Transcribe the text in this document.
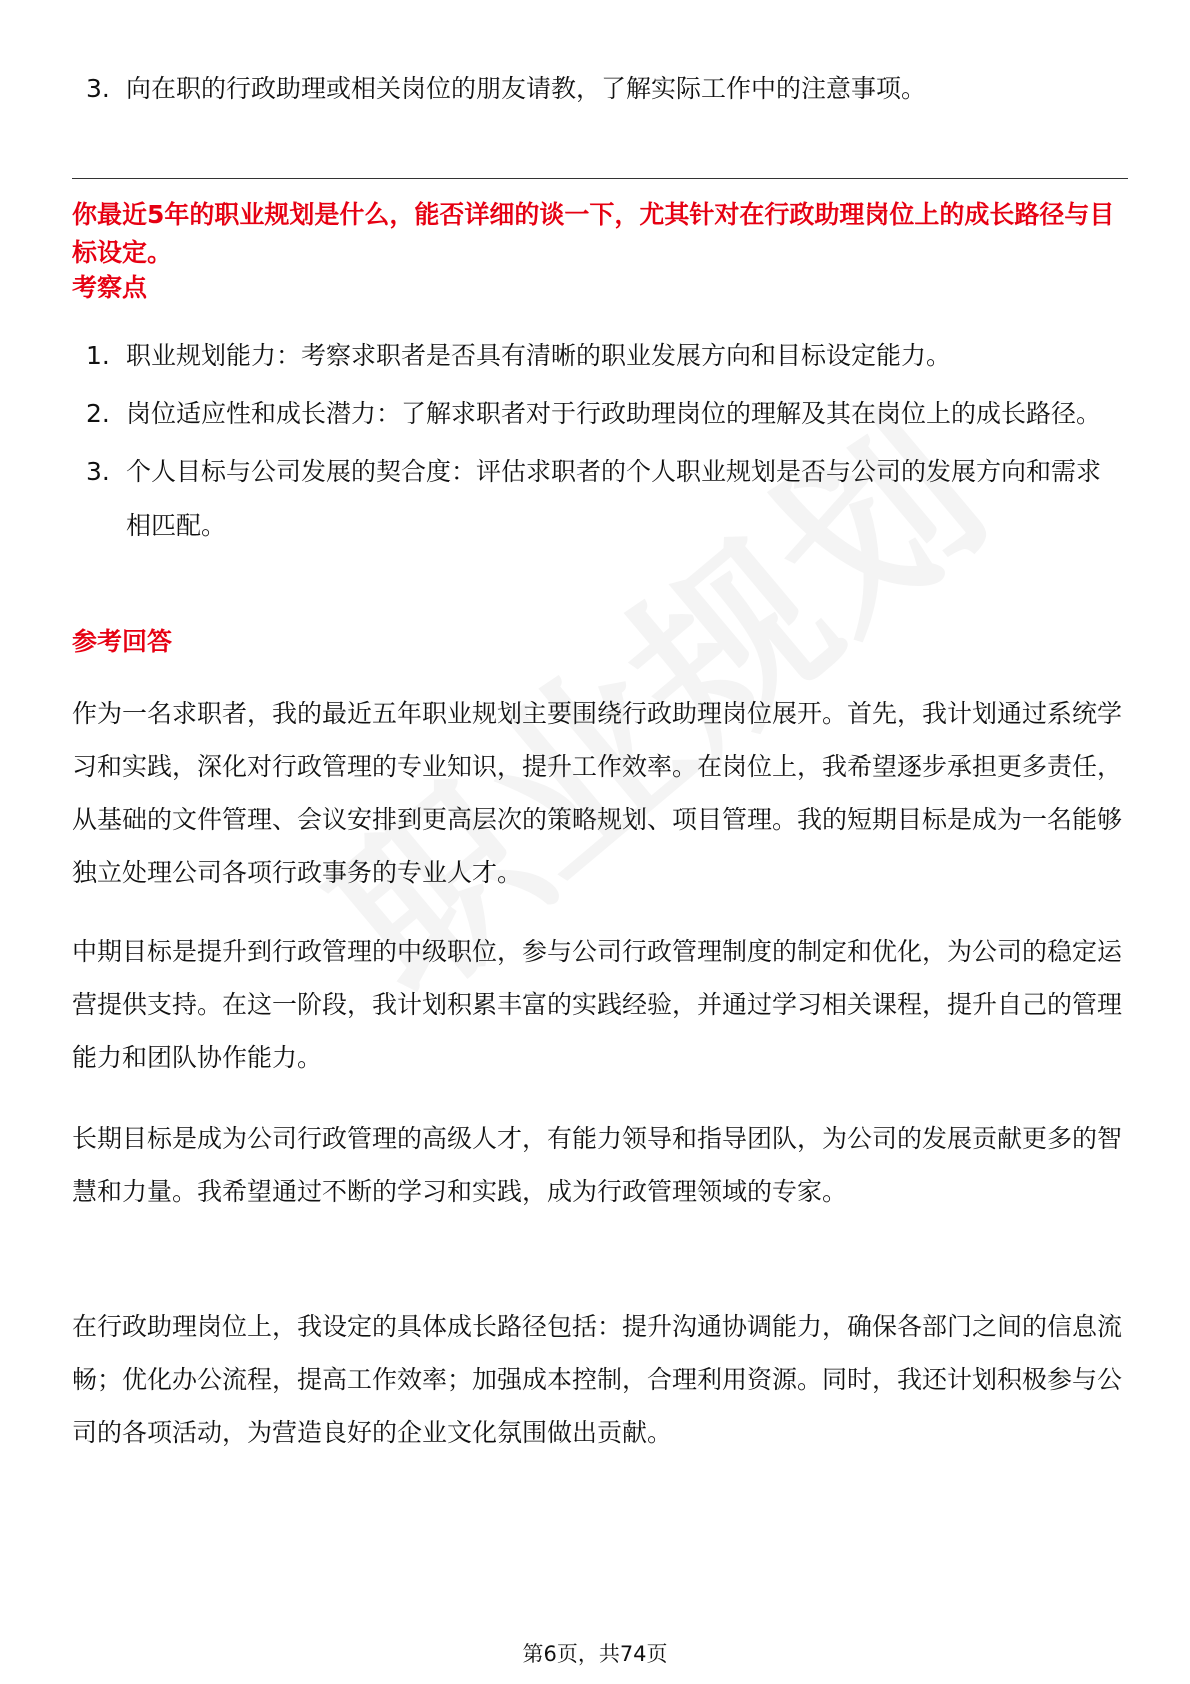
3. 向在职的行政助理或相关岗位的朋友请教，了解实际工作中的注意事项。
你最近5年的职业规划是什么，能否详细的谈一下，尤其针对在行政助理岗位上的成长路径与目标设定。
考察点
1. 职业规划能力：考察求职者是否具有清晰的职业发展方向和目标设定能力。
2. 岗位适应性和成长潜力：了解求职者对于行政助理岗位的理解及其在岗位上的成长路径。
3. 个人目标与公司发展的契合度：评估求职者的个人职业规划是否与公司的发展方向和需求相匹配。
参考回答

作为一名求职者，我的最近五年职业规划主要围绕行政助理岗位展开。首先，我计划通过系统学习和实践，深化对行政管理的专业知识，提升工作效率。在岗位上，我希望逐步承担更多责任，从基础的文件管理、会议安排到更高层次的策略规划、项目管理。我的短期目标是成为一名能够独立处理公司各项行政事务的专业人才。

中期目标是提升到行政管理的中级职位，参与公司行政管理制度的制定和优化，为公司的稳定运营提供支持。在这一阶段，我计划积累丰富的实践经验，并通过学习相关课程，提升自己的管理能力和团队协作能力。

长期目标是成为公司行政管理的高级人才，有能力领导和指导团队，为公司的发展贡献更多的智慧和力量。我希望通过不断的学习和实践，成为行政管理领域的专家。

在行政助理岗位上，我设定的具体成长路径包括：提升沟通协调能力，确保各部门之间的信息流畅；优化办公流程，提高工作效率；加强成本控制，合理利用资源。同时，我还计划积极参与公司的各项活动，为营造良好的企业文化氛围做出贡献。

第6页，共74页
